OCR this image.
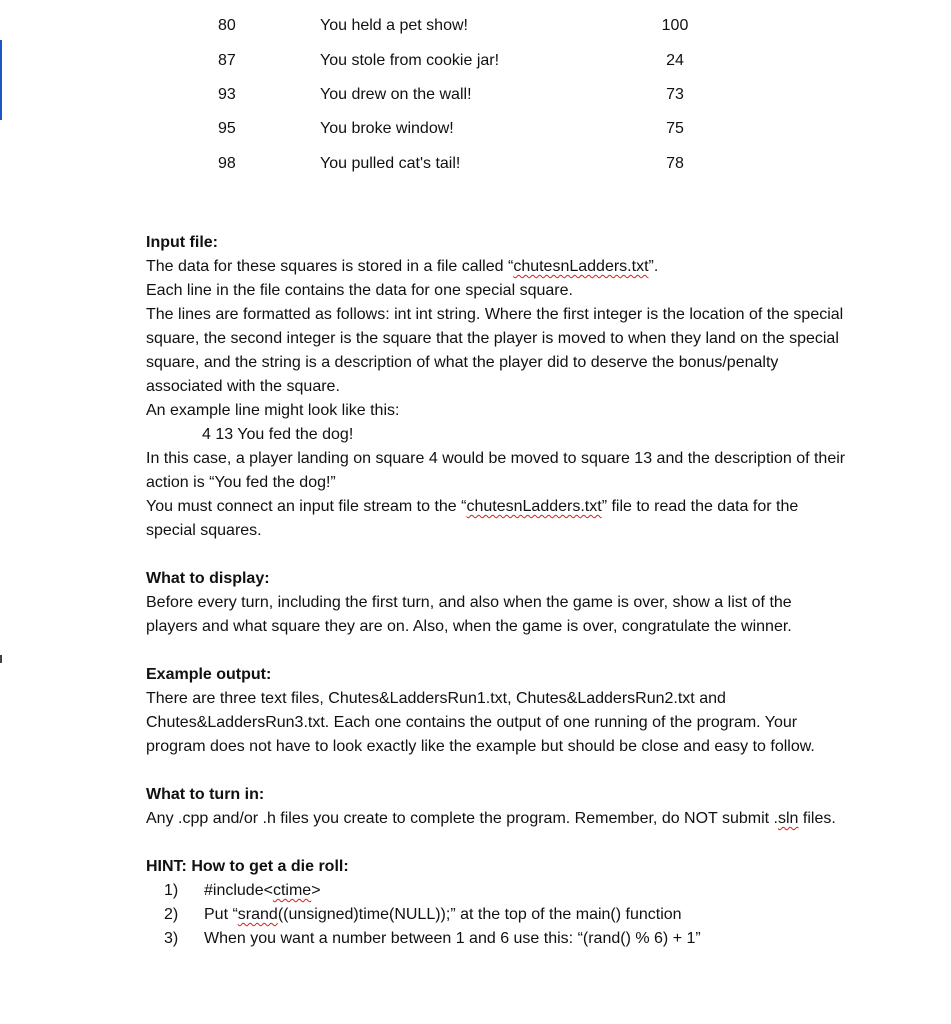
80	You held a pet show!	100
87	You stole from cookie jar!	24
93	You drew on the wall!	73
95	You broke window!	75
98	You pulled cat's tail!	78

Input file:

The data for these squares is stored in a file called “chutesnLadders.txt”.

Each line in the file contains the data for one special square.

The lines are formatted as follows: int int string. Where the first integer is the location of the special square, the second integer is the square that the player is moved to when they land on the special square, and the string is a description of what the player did to deserve the bonus/penalty associated with the square.

An example line might look like this:

4 13 You fed the dog!

In this case, a player landing on square 4 would be moved to square 13 and the description of their action is “You fed the dog!”

You must connect an input file stream to the “chutesnLadders.txt” file to read the data for the special squares.

What to display:

Before every turn, including the first turn, and also when the game is over, show a list of the players and what square they are on. Also, when the game is over, congratulate the winner.

Example output:

There are three text files, Chutes&LaddersRun1.txt, Chutes&LaddersRun2.txt and Chutes&LaddersRun3.txt. Each one contains the output of one running of the program. Your program does not have to look exactly like the example but should be close and easy to follow.

What to turn in:

Any .cpp and/or .h files you create to complete the program. Remember, do NOT submit .sln files.

HINT: How to get a die roll:

1) #include<ctime>
2) Put “srand((unsigned)time(NULL));” at the top of the main() function
3) When you want a number between 1 and 6 use this: “(rand() % 6) + 1”
